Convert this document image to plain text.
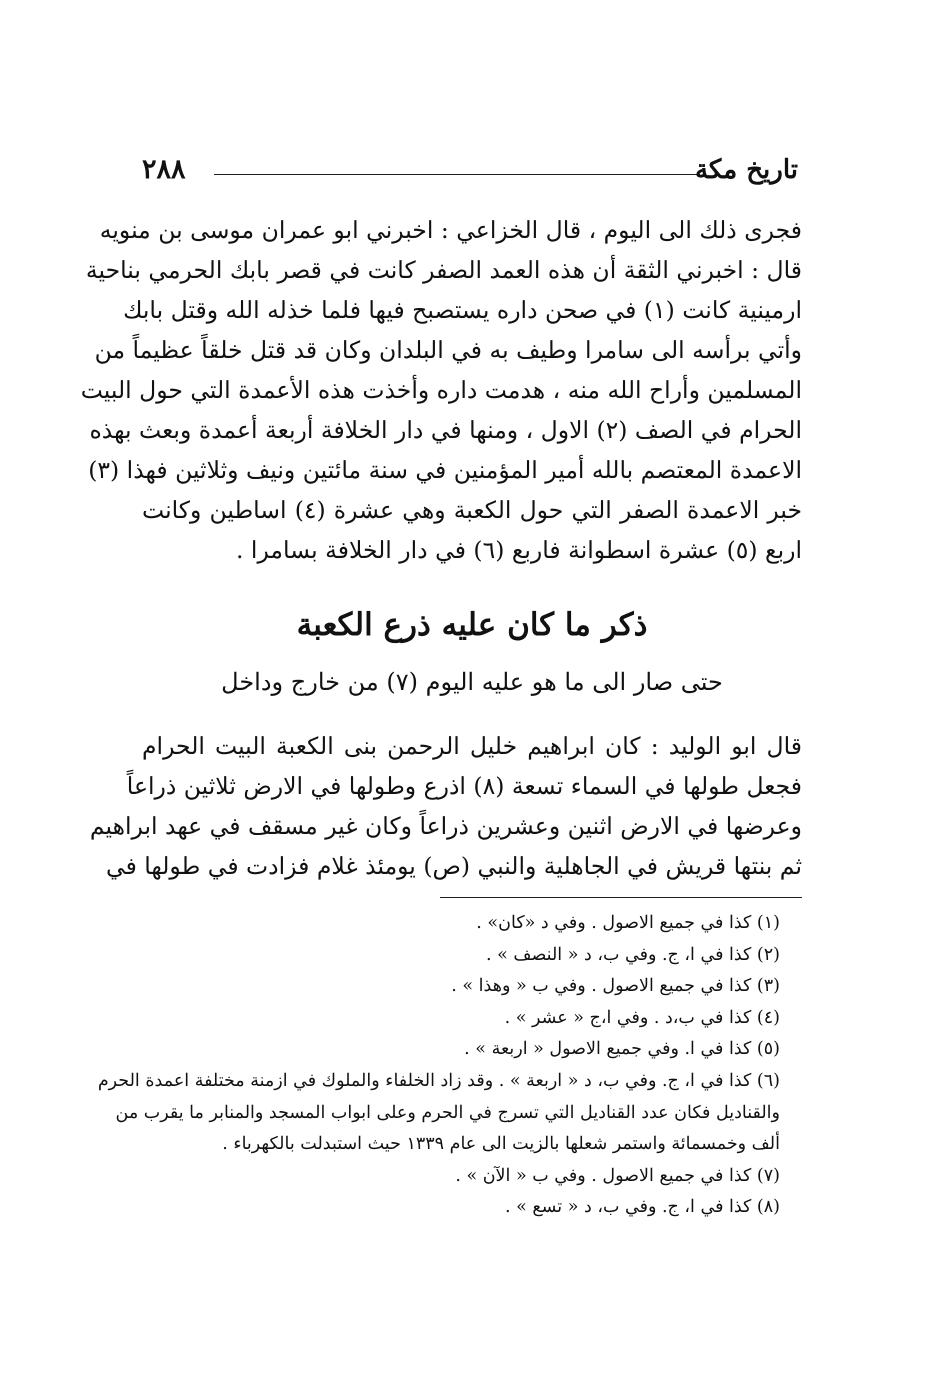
٢٨٨	تاريخ مكة
فجرى ذلك الى اليوم ، قال الخزاعي : اخبرني ابو عمران موسى بن منويه
قال : اخبرني الثقة أن هذه العمد الصفر كانت في قصر بابك الحرمي بناحية
ارمينية كانت (١) في صحن داره يستصبح فيها فلما خذله الله وقتل بابك
وأتي برأسه الى سامرا وطيف به في البلدان وكان قد قتل خلقاً عظيماً من
المسلمين وأراح الله منه ، هدمت داره وأخذت هذه الأعمدة التي حول البيت
الحرام في الصف (٢) الاول ، ومنها في دار الخلافة أربعة أعمدة وبعث بهذه
الاعمدة المعتصم بالله أمير المؤمنين في سنة مائتين ونيف وثلاثين فهذا (٣)
خبر الاعمدة الصفر التي حول الكعبة وهي عشرة (٤) اساطين وكانت
اربع (٥) عشرة اسطوانة فاربع (٦) في دار الخلافة بسامرا .
ذكر ما كان عليه ذرع الكعبة
حتى صار الى ما هو عليه اليوم (٧) من خارج وداخل
قال ابو الوليد : كان ابراهيم خليل الرحمن بنى الكعبة البيت الحرام
فجعل طولها في السماء تسعة (٨) اذرع وطولها في الارض ثلاثين ذراعاً
وعرضها في الارض اثنين وعشرين ذراعاً وكان غير مسقف في عهد ابراهيم
ثم بنتها قريش في الجاهلية والنبي (ص) يومئذ غلام فزادت في طولها في
(١) كذا في جميع الاصول . وفي د «كان» .
(٢) كذا في ا، ج. وفي ب، د « النصف » .
(٣) كذا في جميع الاصول . وفي ب « وهذا » .
(٤) كذا في ب،د . وفي ا،ج « عشر » .
(٥) كذا في ا. وفي جميع الاصول « اربعة » .
(٦) كذا في ا، ج. وفي ب، د « اربعة » . وقد زاد الخلفاء والملوك في ازمنة مختلفة اعمدة الحرم
والقناديل فكان عدد القناديل التي تسرج في الحرم وعلى ابواب المسجد والمنابر ما يقرب من
ألف وخمسمائة واستمر شعلها بالزيت الى عام ١٣٣٩ حيث استبدلت بالكهرباء .
(٧) كذا في جميع الاصول . وفي ب « الآن » .
(٨) كذا في ا، ج. وفي ب، د « تسع » .
